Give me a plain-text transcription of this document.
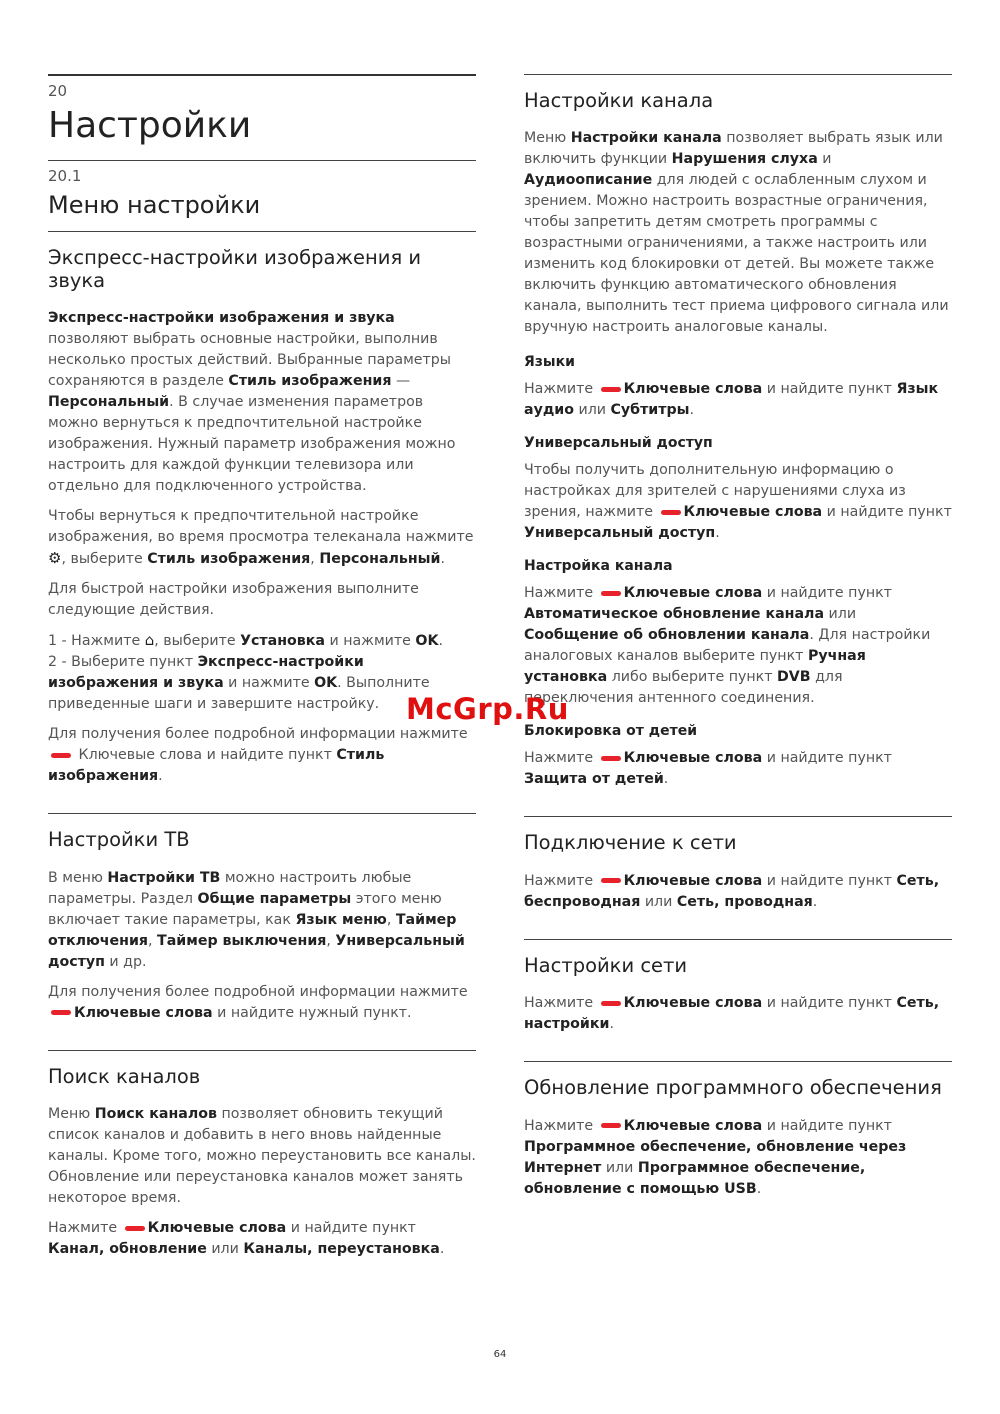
20
Настройки
20.1
Меню настройки
Экспресс-настройки изображения и звука

Экспресс-настройки изображения и звука позволяют выбрать основные настройки, выполнив несколько простых действий. Выбранные параметры сохраняются в разделе Стиль изображения — Персональный. В случае изменения параметров можно вернуться к предпочтительной настройке изображения. Нужный параметр изображения можно настроить для каждой функции телевизора или отдельно для подключенного устройства.

Чтобы вернуться к предпочтительной настройке изображения, во время просмотра телеканала нажмите ⚙, выберите Стиль изображения, Персональный.

Для быстрой настройки изображения выполните следующие действия.

1 - Нажмите ⌂, выберите Установка и нажмите OK.

2 - Выберите пункт Экспресс-настройки изображения и звука и нажмите OK. Выполните приведенные шаги и завершите настройку.

Для получения более подробной информации нажмите  Ключевые слова и найдите пункт Стиль изображения.

Настройки ТВ

В меню Настройки ТВ можно настроить любые параметры. Раздел Общие параметры этого меню включает такие параметры, как Язык меню, Таймер отключения, Таймер выключения, Универсальный доступ и др.

Для получения более подробной информации нажмите Ключевые слова и найдите нужный пункт.

Поиск каналов

Меню Поиск каналов позволяет обновить текущий список каналов и добавить в него вновь найденные каналы. Кроме того, можно переустановить все каналы. Обновление или переустановка каналов может занять некоторое время.

Нажмите Ключевые слова и найдите пункт Канал, обновление или Каналы, переустановка.

Настройки канала

Меню Настройки канала позволяет выбрать язык или включить функции Нарушения слуха и Аудиоописание для людей с ослабленным слухом и зрением. Можно настроить возрастные ограничения, чтобы запретить детям смотреть программы с возрастными ограничениями, а также настроить или изменить код блокировки от детей. Вы можете также включить функцию автоматического обновления канала, выполнить тест приема цифрового сигнала или вручную настроить аналоговые каналы.

Языки

Нажмите Ключевые слова и найдите пункт Язык аудио или Субтитры.

Универсальный доступ

Чтобы получить дополнительную информацию о настройках для зрителей с нарушениями слуха из зрения, нажмите Ключевые слова и найдите пункт Универсальный доступ.

Настройка канала

Нажмите Ключевые слова и найдите пункт Автоматическое обновление канала или Сообщение об обновлении канала. Для настройки аналоговых каналов выберите пункт Ручная установка либо выберите пункт DVB для переключения антенного соединения.

Блокировка от детей

Нажмите Ключевые слова и найдите пункт Защита от детей.

Подключение к сети

Нажмите Ключевые слова и найдите пункт Сеть, беспроводная или Сеть, проводная.

Настройки сети

Нажмите Ключевые слова и найдите пункт Сеть, настройки.

Обновление программного обеспечения

Нажмите Ключевые слова и найдите пункт Программное обеспечение, обновление через Интернет или Программное обеспечение, обновление с помощью USB.

McGrp.Ru
64
